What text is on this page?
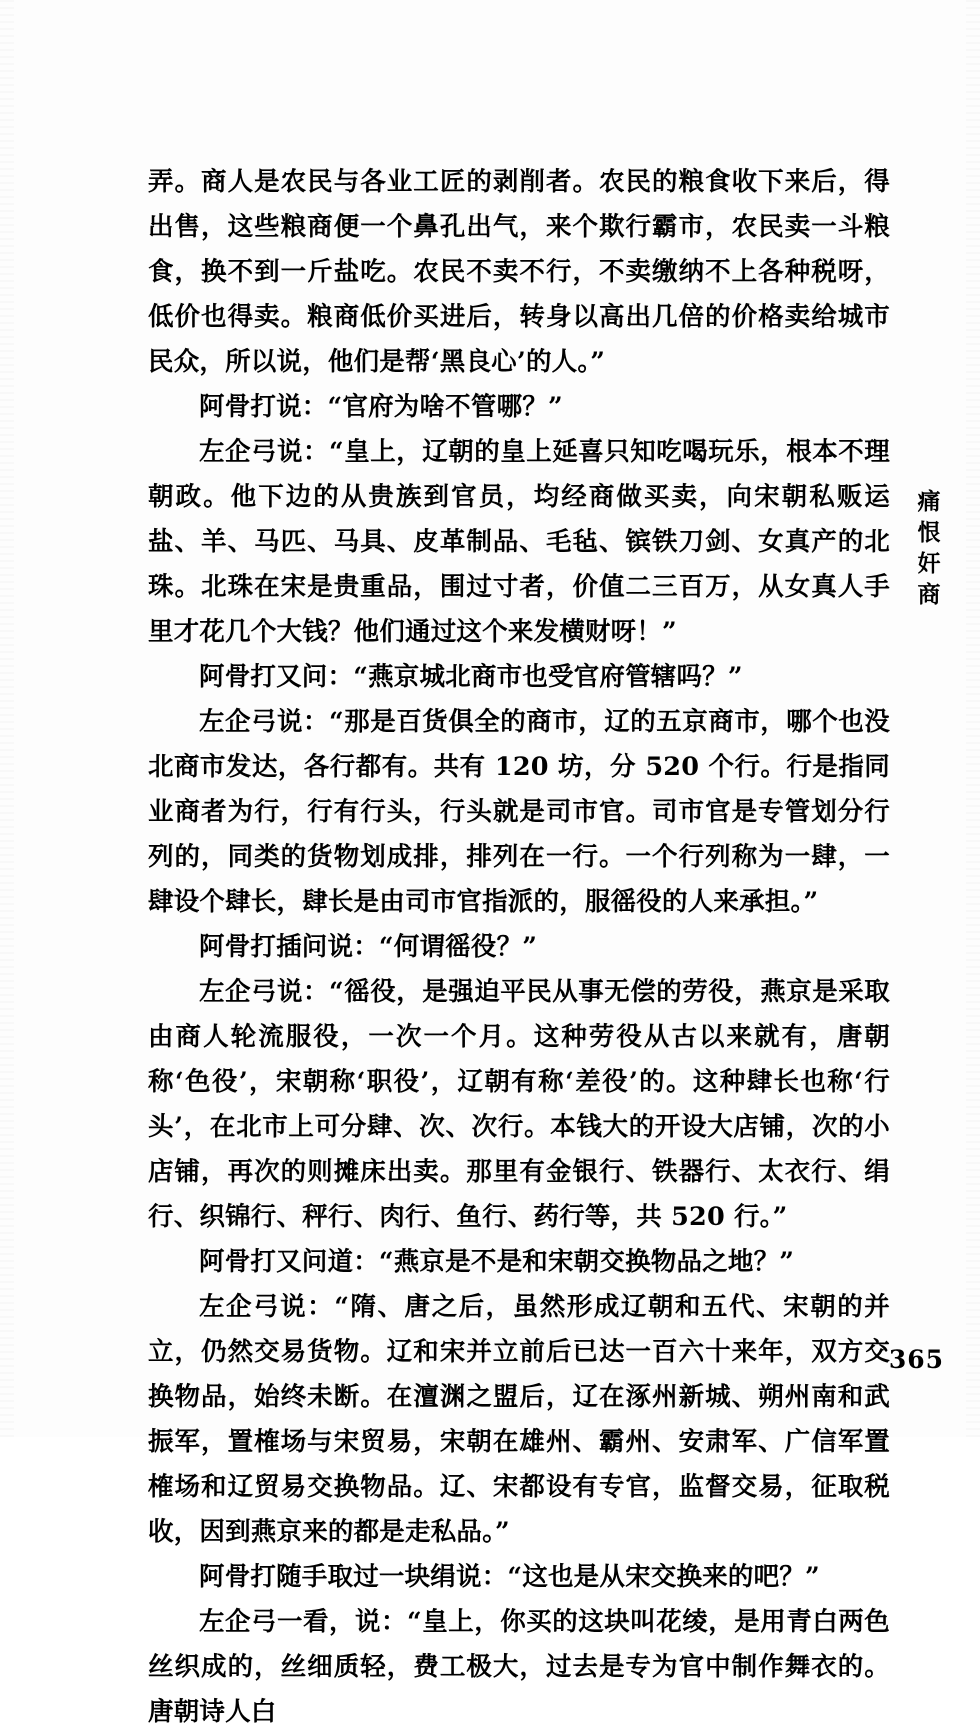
弄。商人是农民与各业工匠的剥削者。农民的粮食收下来后，得出售，这些粮商便一个鼻孔出气，来个欺行霸市，农民卖一斗粮食，换不到一斤盐吃。农民不卖不行，不卖缴纳不上各种税呀，低价也得卖。粮商低价买进后，转身以高出几倍的价格卖给城市民众，所以说，他们是帮‘黑良心’的人。”

阿骨打说：“官府为啥不管哪？”

左企弓说：“皇上，辽朝的皇上延喜只知吃喝玩乐，根本不理朝政。他下边的从贵族到官员，均经商做买卖，向宋朝私贩运盐、羊、马匹、马具、皮革制品、毛毡、镔铁刀剑、女真产的北珠。北珠在宋是贵重品，围过寸者，价值二三百万，从女真人手里才花几个大钱？他们通过这个来发横财呀！”

阿骨打又问：“燕京城北商市也受官府管辖吗？”

左企弓说：“那是百货俱全的商市，辽的五京商市，哪个也没北商市发达，各行都有。共有 120 坊，分 520 个行。行是指同业商者为行，行有行头，行头就是司市官。司市官是专管划分行列的，同类的货物划成排，排列在一行。一个行列称为一肆，一肆设个肆长，肆长是由司市官指派的，服徭役的人来承担。”

阿骨打插问说：“何谓徭役？”

左企弓说：“徭役，是强迫平民从事无偿的劳役，燕京是采取由商人轮流服役，一次一个月。这种劳役从古以来就有，唐朝称‘色役’，宋朝称‘职役’，辽朝有称‘差役’的。这种肆长也称‘行头’，在北市上可分肆、次、次行。本钱大的开设大店铺，次的小店铺，再次的则摊床出卖。那里有金银行、铁器行、太衣行、绢行、织锦行、秤行、肉行、鱼行、药行等，共 520 行。”

阿骨打又问道：“燕京是不是和宋朝交换物品之地？”

左企弓说：“隋、唐之后，虽然形成辽朝和五代、宋朝的并立，仍然交易货物。辽和宋并立前后已达一百六十来年，双方交换物品，始终未断。在澶渊之盟后，辽在涿州新城、朔州南和武振军，置榷场与宋贸易，宋朝在雄州、霸州、安肃军、广信军置榷场和辽贸易交换物品。辽、宋都设有专官，监督交易，征取税收，因到燕京来的都是走私品。”

阿骨打随手取过一块绢说：“这也是从宋交换来的吧？”

左企弓一看，说：“皇上，你买的这块叫花绫，是用青白两色丝织成的，丝细质轻，费工极大，过去是专为官中制作舞衣的。唐朝诗人白

痛
恨
奸
商
365
